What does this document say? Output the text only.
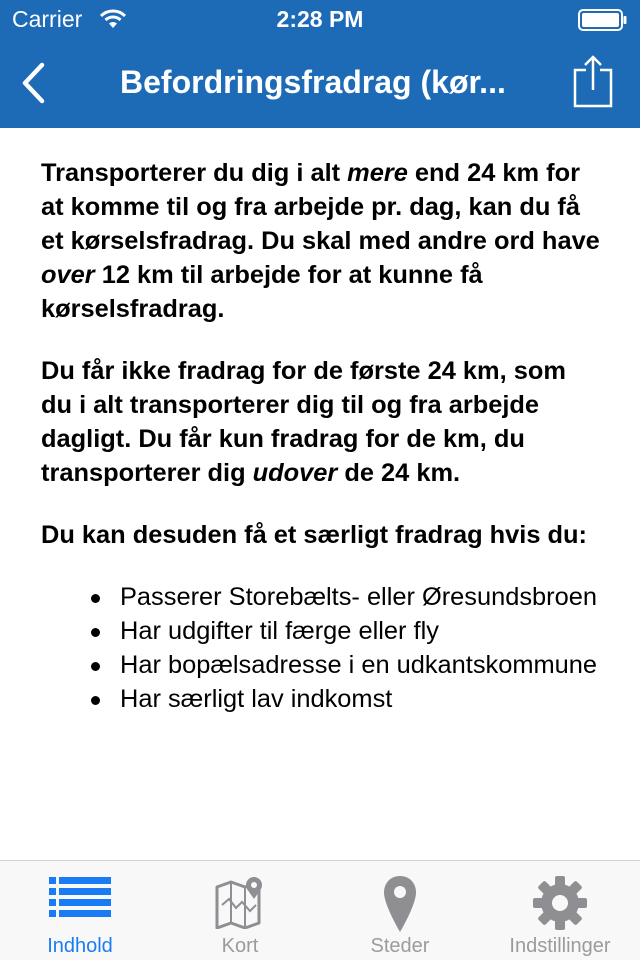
Carrier	2:28 PM
Befordringsfradrag (kør...

Transporterer du dig i alt mere end 24 km for at komme til og fra arbejde pr. dag, kan du få et kørselsfradrag. Du skal med andre ord have over 12 km til arbejde for at kunne få kørselsfradrag.

Du får ikke fradrag for de første 24 km, som du i alt transporterer dig til og fra arbejde dagligt. Du får kun fradrag for de km, du transporterer dig udover de 24 km.

Du kan desuden få et særligt fradrag hvis du:

Passerer Storebælts- eller Øresundsbroen
Har udgifter til færge eller fly
Har bopælsadresse i en udkantskommune
Har særligt lav indkomst
Indhold	Kort	Steder	Indstillinger
